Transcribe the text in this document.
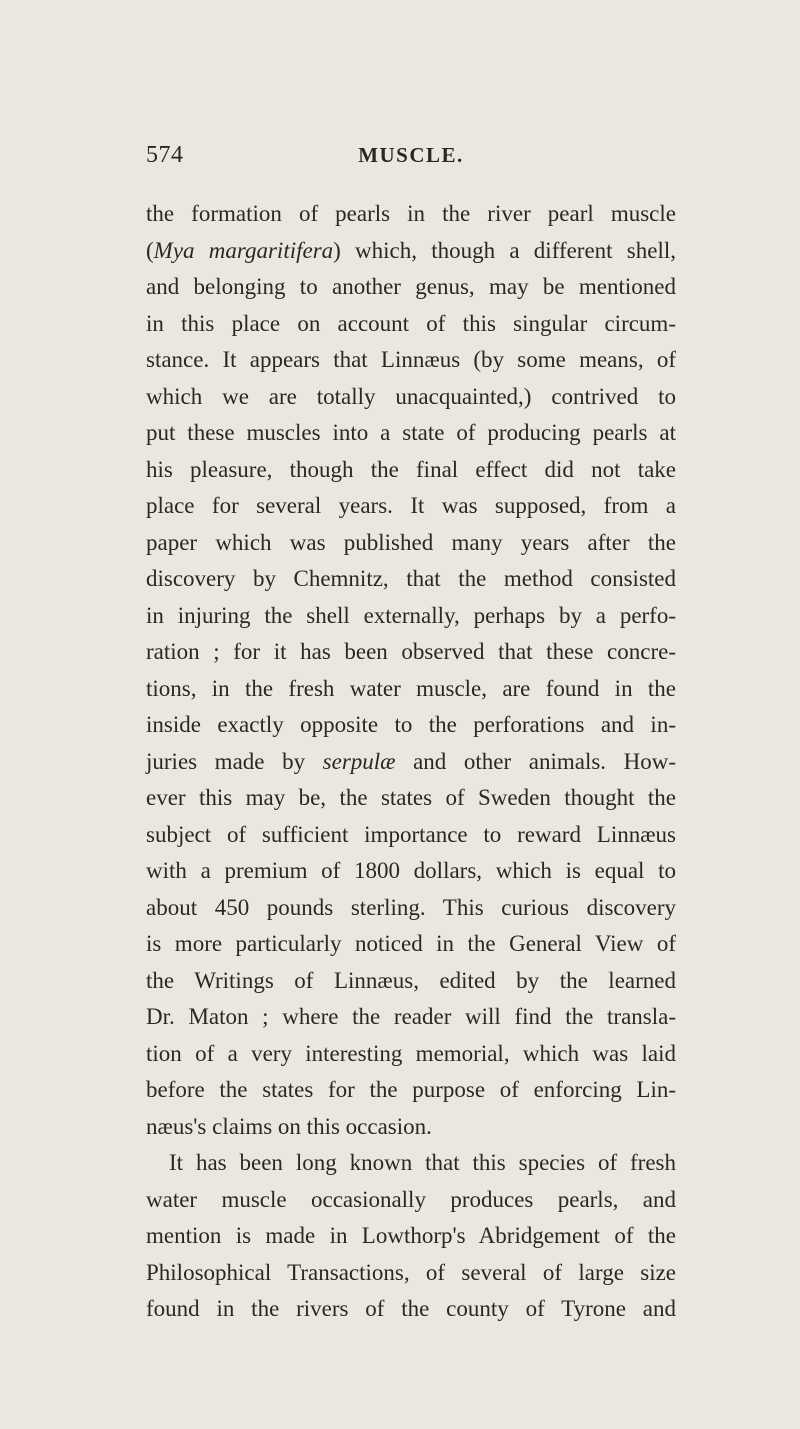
574	MUSCLE.
the formation of pearls in the river pearl muscle
(Mya margaritifera) which, though a different shell,
and belonging to another genus, may be mentioned
in this place on account of this singular circum-
stance. It appears that Linnæus (by some means, of
which we are totally unacquainted,) contrived to
put these muscles into a state of producing pearls at
his pleasure, though the final effect did not take
place for several years. It was supposed, from a
paper which was published many years after the
discovery by Chemnitz, that the method consisted
in injuring the shell externally, perhaps by a perfo-
ration ; for it has been observed that these concre-
tions, in the fresh water muscle, are found in the
inside exactly opposite to the perforations and in-
juries made by serpulæ and other animals. How-
ever this may be, the states of Sweden thought the
subject of sufficient importance to reward Linnæus
with a premium of 1800 dollars, which is equal to
about 450 pounds sterling. This curious discovery
is more particularly noticed in the General View of
the Writings of Linnæus, edited by the learned
Dr. Maton ; where the reader will find the transla-
tion of a very interesting memorial, which was laid
before the states for the purpose of enforcing Lin-
næus's claims on this occasion.
It has been long known that this species of fresh
water muscle occasionally produces pearls, and
mention is made in Lowthorp's Abridgement of the
Philosophical Transactions, of several of large size
found in the rivers of the county of Tyrone and
